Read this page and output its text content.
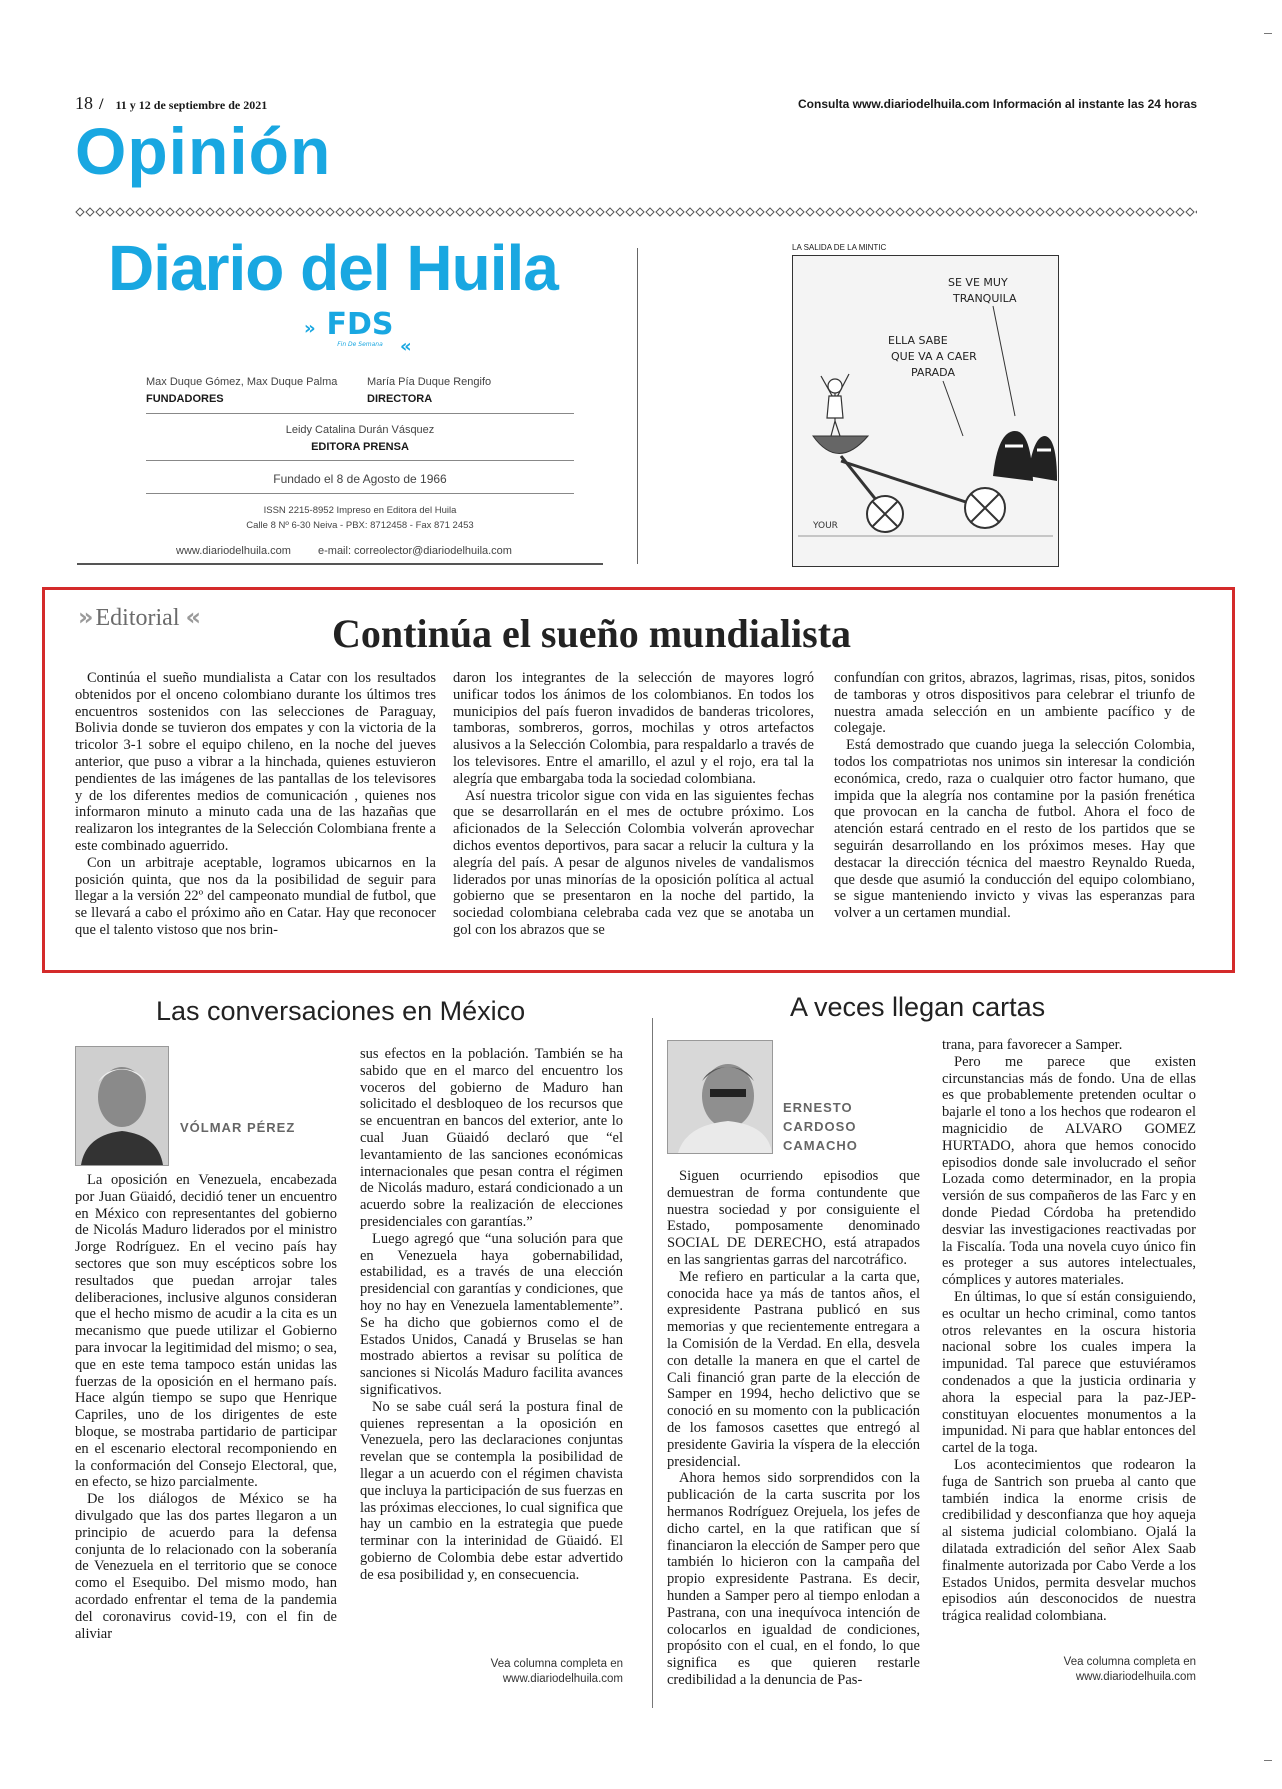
18 / 11 y 12 de septiembre de 2021	Consulta www.diariodelhuila.com Información al instante las 24 horas
Opinión
Diario del Huila
» FDS
«
Fin De Semana
Max Duque Gómez, Max Duque Palma
FUNDADORES
María Pía Duque Rengifo
DIRECTORA
Leidy Catalina Durán Vásquez
EDITORA PRENSA
Fundado el 8 de Agosto de 1966
ISSN 2215-8952 Impreso en Editora del Huila
Calle 8 Nº 6-30 Neiva - PBX: 8712458 - Fax 871 2453
www.diariodelhuila.com e-mail: correolector@diariodelhuila.com
LA SALIDA DE LA MINTIC
SE VE MUY
TRANQUILA
ELLA SABE
QUE VA A CAER
PARADA
YOUR
» Editorial «	Continúa el sueño mundialista

Continúa el sueño mundialista a Catar con los resultados obtenidos por el onceno colombiano durante los últimos tres encuentros sostenidos con las selecciones de Paraguay, Bolivia donde se tuvieron dos empates y con la victoria de la tricolor 3-1 sobre el equipo chileno, en la noche del jueves anterior, que puso a vibrar a la hinchada, quienes estuvieron pendientes de las imágenes de las pantallas de los televisores y de los diferentes medios de comunicación , quienes nos informaron minuto a minuto cada una de las hazañas que realizaron los integrantes de la Selección Colombiana frente a este combinado aguerrido.

Con un arbitraje aceptable, logramos ubicarnos en la posición quinta, que nos da la posibilidad de seguir para llegar a la versión 22º del campeonato mundial de futbol, que se llevará a cabo el próximo año en Catar. Hay que reconocer que el talento vistoso que nos brin-

daron los integrantes de la selección de mayores logró unificar todos los ánimos de los colombianos. En todos los municipios del país fueron invadidos de banderas tricolores, tamboras, sombreros, gorros, mochilas y otros artefactos alusivos a la Selección Colombia, para respaldarlo a través de los televisores. Entre el amarillo, el azul y el rojo, era tal la alegría que embargaba toda la sociedad colombiana.

Así nuestra tricolor sigue con vida en las siguientes fechas que se desarrollarán en el mes de octubre próximo. Los aficionados de la Selección Colombia volverán aprovechar dichos eventos deportivos, para sacar a relucir la cultura y la alegría del país. A pesar de algunos niveles de vandalismos liderados por unas minorías de la oposición política al actual gobierno que se presentaron en la noche del partido, la sociedad colombiana celebraba cada vez que se anotaba un gol con los abrazos que se

confundían con gritos, abrazos, lagrimas, risas, pitos, sonidos de tamboras y otros dispositivos para celebrar el triunfo de nuestra amada selección en un ambiente pacífico y de colegaje.

Está demostrado que cuando juega la selección Colombia, todos los compatriotas nos unimos sin interesar la condición económica, credo, raza o cualquier otro factor humano, que impida que la alegría nos contamine por la pasión frenética que provocan en la cancha de futbol. Ahora el foco de atención estará centrado en el resto de los partidos que se seguirán desarrollando en los próximos meses. Hay que destacar la dirección técnica del maestro Reynaldo Rueda, que desde que asumió la conducción del equipo colombiano, se sigue manteniendo invicto y vivas las esperanzas para volver a un certamen mundial.

Las conversaciones en México
VÓLMAR PÉREZ

La oposición en Venezuela, encabezada por Juan Güaidó, decidió tener un encuentro en México con representantes del gobierno de Nicolás Maduro liderados por el ministro Jorge Rodríguez. En el vecino país hay sectores que son muy escépticos sobre los resultados que puedan arrojar tales deliberaciones, inclusive algunos consideran que el hecho mismo de acudir a la cita es un mecanismo que puede utilizar el Gobierno para invocar la legitimidad del mismo; o sea, que en este tema tampoco están unidas las fuerzas de la oposición en el hermano país. Hace algún tiempo se supo que Henrique Capriles, uno de los dirigentes de este bloque, se mostraba partidario de participar en el escenario electoral recomponiendo en la conformación del Consejo Electoral, que, en efecto, se hizo parcialmente.

De los diálogos de México se ha divulgado que las dos partes llegaron a un principio de acuerdo para la defensa conjunta de lo relacionado con la soberanía de Venezuela en el territorio que se conoce como el Esequibo. Del mismo modo, han acordado enfrentar el tema de la pandemia del coronavirus covid-19, con el fin de aliviar

sus efectos en la población. También se ha sabido que en el marco del encuentro los voceros del gobierno de Maduro han solicitado el desbloqueo de los recursos que se encuentran en bancos del exterior, ante lo cual Juan Güaidó declaró que “el levantamiento de las sanciones económicas internacionales que pesan contra el régimen de Nicolás maduro, estará condicionado a un acuerdo sobre la realización de elecciones presidenciales con garantías.”

Luego agregó que “una solución para que en Venezuela haya gobernabilidad, estabilidad, es a través de una elección presidencial con garantías y condiciones, que hoy no hay en Venezuela lamentablemente”. Se ha dicho que gobiernos como el de Estados Unidos, Canadá y Bruselas se han mostrado abiertos a revisar su política de sanciones si Nicolás Maduro facilita avances significativos.

No se sabe cuál será la postura final de quienes representan a la oposición en Venezuela, pero las declaraciones conjuntas revelan que se contempla la posibilidad de llegar a un acuerdo con el régimen chavista que incluya la participación de sus fuerzas en las próximas elecciones, lo cual significa que hay un cambio en la estrategia que puede terminar con la interinidad de Güaidó. El gobierno de Colombia debe estar advertido de esa posibilidad y, en consecuencia.

Vea columna completa en
www.diariodelhuila.com
A veces llegan cartas
ERNESTO
CARDOSO
CAMACHO

Siguen ocurriendo episodios que demuestran de forma contundente que nuestra sociedad y por consiguiente el Estado, pomposamente denominado SOCIAL DE DERECHO, está atrapados en las sangrientas garras del narcotráfico.

Me refiero en particular a la carta que, conocida hace ya más de tantos años, el expresidente Pastrana publicó en sus memorias y que recientemente entregara a la Comisión de la Verdad. En ella, desvela con detalle la manera en que el cartel de Cali financió gran parte de la elección de Samper en 1994, hecho delictivo que se conoció en su momento con la publicación de los famosos casettes que entregó al presidente Gaviria la víspera de la elección presidencial.

Ahora hemos sido sorprendidos con la publicación de la carta suscrita por los hermanos Rodríguez Orejuela, los jefes de dicho cartel, en la que ratifican que sí financiaron la elección de Samper pero que también lo hicieron con la campaña del propio expresidente Pastrana. Es decir, hunden a Samper pero al tiempo enlodan a Pastrana, con una inequívoca intención de colocarlos en igualdad de condiciones, propósito con el cual, en el fondo, lo que significa es que quieren restarle credibilidad a la denuncia de Pas-

trana, para favorecer a Samper.

Pero me parece que existen circunstancias más de fondo. Una de ellas es que probablemente pretenden ocultar o bajarle el tono a los hechos que rodearon el magnicidio de ALVARO GOMEZ HURTADO, ahora que hemos conocido episodios donde sale involucrado el señor Lozada como determinador, en la propia versión de sus compañeros de las Farc y en donde Piedad Córdoba ha pretendido desviar las investigaciones reactivadas por la Fiscalía. Toda una novela cuyo único fin es proteger a sus autores intelectuales, cómplices y autores materiales.

En últimas, lo que sí están consiguiendo, es ocultar un hecho criminal, como tantos otros relevantes en la oscura historia nacional sobre los cuales impera la impunidad. Tal parece que estuviéramos condenados a que la justicia ordinaria y ahora la especial para la paz-JEP- constituyan elocuentes monumentos a la impunidad. Ni para que hablar entonces del cartel de la toga.

Los acontecimientos que rodearon la fuga de Santrich son prueba al canto que también indica la enorme crisis de credibilidad y desconfianza que hoy aqueja al sistema judicial colombiano. Ojalá la dilatada extradición del señor Alex Saab finalmente autorizada por Cabo Verde a los Estados Unidos, permita desvelar muchos episodios aún desconocidos de nuestra trágica realidad colombiana.

Vea columna completa en
www.diariodelhuila.com
